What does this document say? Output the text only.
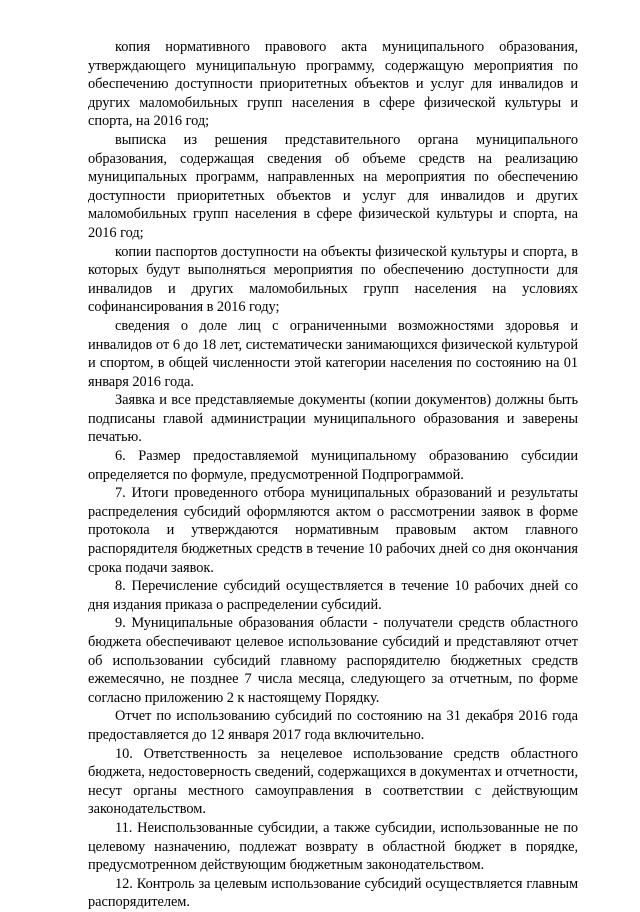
копия нормативного правового акта муниципального образования, утверждающего муниципальную программу, содержащую мероприятия по обеспечению доступности приоритетных объектов и услуг для инвалидов и других маломобильных групп населения в сфере физической культуры и спорта, на 2016 год;

выписка из решения представительного органа муниципального образования, содержащая сведения об объеме средств на реализацию муниципальных программ, направленных на мероприятия по обеспечению доступности приоритетных объектов и услуг для инвалидов и других маломобильных групп населения в сфере физической культуры и спорта, на 2016 год;

копии паспортов доступности на объекты физической культуры и спорта, в которых будут выполняться мероприятия по обеспечению доступности для инвалидов и других маломобильных групп населения на условиях софинансирования в 2016 году;

сведения о доле лиц с ограниченными возможностями здоровья и инвалидов от 6 до 18 лет, систематически занимающихся физической культурой и спортом, в общей численности этой категории населения по состоянию на 01 января 2016 года.

Заявка и все представляемые документы (копии документов) должны быть подписаны главой администрации муниципального образования и заверены печатью.

6. Размер предоставляемой муниципальному образованию субсидии определяется по формуле, предусмотренной Подпрограммой.

7. Итоги проведенного отбора муниципальных образований и результаты распределения субсидий оформляются актом о рассмотрении заявок в форме протокола и утверждаются нормативным правовым актом главного распорядителя бюджетных средств в течение 10 рабочих дней со дня окончания срока подачи заявок.

8. Перечисление субсидий осуществляется в течение 10 рабочих дней со дня издания приказа о распределении субсидий.

9. Муниципальные образования области - получатели средств областного бюджета обеспечивают целевое использование субсидий и представляют отчет об использовании субсидий главному распорядителю бюджетных средств ежемесячно, не позднее 7 числа месяца, следующего за отчетным, по форме согласно приложению 2 к настоящему Порядку.

Отчет по использованию субсидий по состоянию на 31 декабря 2016 года предоставляется до 12 января 2017 года включительно.

10. Ответственность за нецелевое использование средств областного бюджета, недостоверность сведений, содержащихся в документах и отчетности, несут органы местного самоуправления в соответствии с действующим законодательством.

11. Неиспользованные субсидии, а также субсидии, использованные не по целевому назначению, подлежат возврату в областной бюджет в порядке, предусмотренном действующим бюджетным законодательством.

12. Контроль за целевым использование субсидий осуществляется главным распорядителем.
